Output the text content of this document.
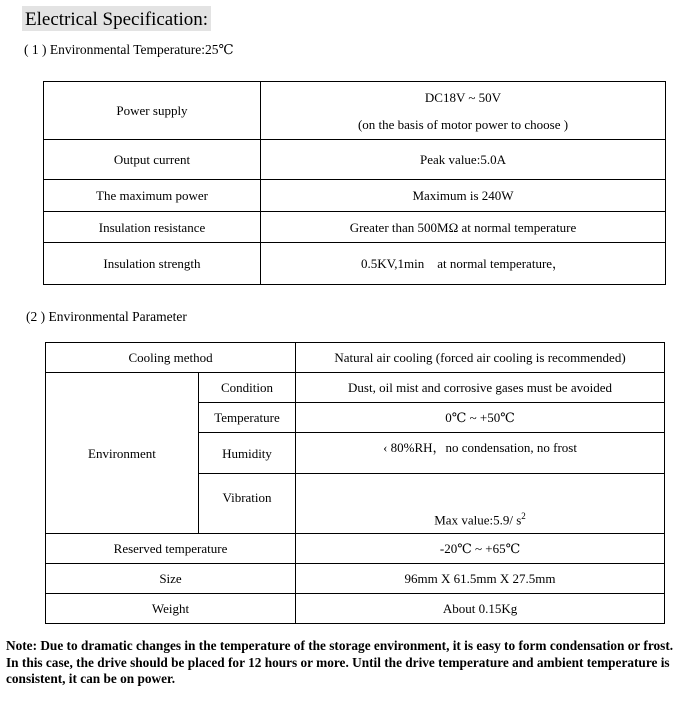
Electrical Specification:
( 1 ) Environmental Temperature:25℃
Power supply	DC18V ~ 50V
(on the basis of motor power to choose )

Output current	Peak value:5.0A
The maximum power	Maximum is 240W
Insulation resistance	Greater than 500MΩ at normal temperature
Insulation strength	0.5KV,1min　at normal temperature，
(2 ) Environmental Parameter
Cooling method		Natural air cooling (forced air cooling is recommended)
Environment	Condition	Dust, oil mist and corrosive gases must be avoided
	Temperature	0℃ ~ +50℃
	Humidity	‹ 80%RH，no condensation, no frost
	Vibration	Max value:5.9/ $s^2$
Reserved temperature		-20℃ ~ +65℃
Size		96mm X 61.5mm X 27.5mm
Weight		About 0.15Kg
Note: Due to dramatic changes in the temperature of the storage environment, it is easy to form condensation or frost. In this case, the drive should be placed for 12 hours or more. Until the drive temperature and ambient temperature is consistent, it can be on power.
